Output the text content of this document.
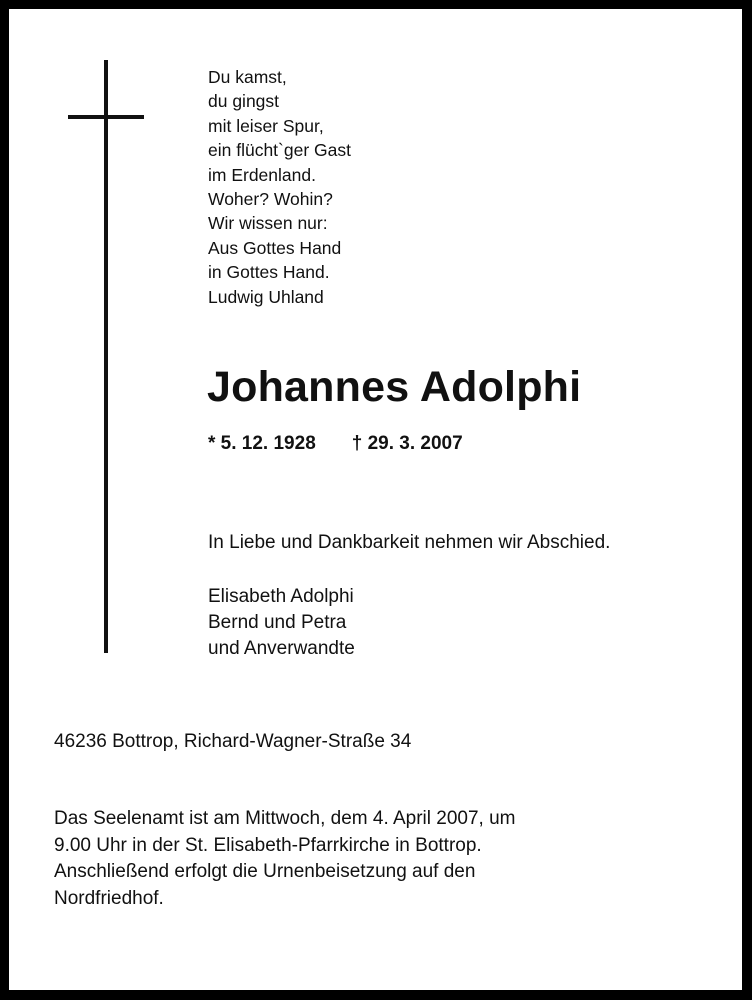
Du kamst,
du gingst
mit leiser Spur,
ein flücht`ger Gast
im Erdenland.
Woher? Wohin?
Wir wissen nur:
Aus Gottes Hand
in Gottes Hand.
Ludwig Uhland
Johannes Adolphi
* 5. 12. 1928 † 29. 3. 2007
In Liebe und Dankbarkeit nehmen wir Abschied.
Elisabeth Adolphi
Bernd und Petra
und Anverwandte
46236 Bottrop, Richard-Wagner-Straße 34
Das Seelenamt ist am Mittwoch, dem 4. April 2007, um
9.00 Uhr in der St. Elisabeth-Pfarrkirche in Bottrop.
Anschließend erfolgt die Urnenbeisetzung auf den
Nordfriedhof.
